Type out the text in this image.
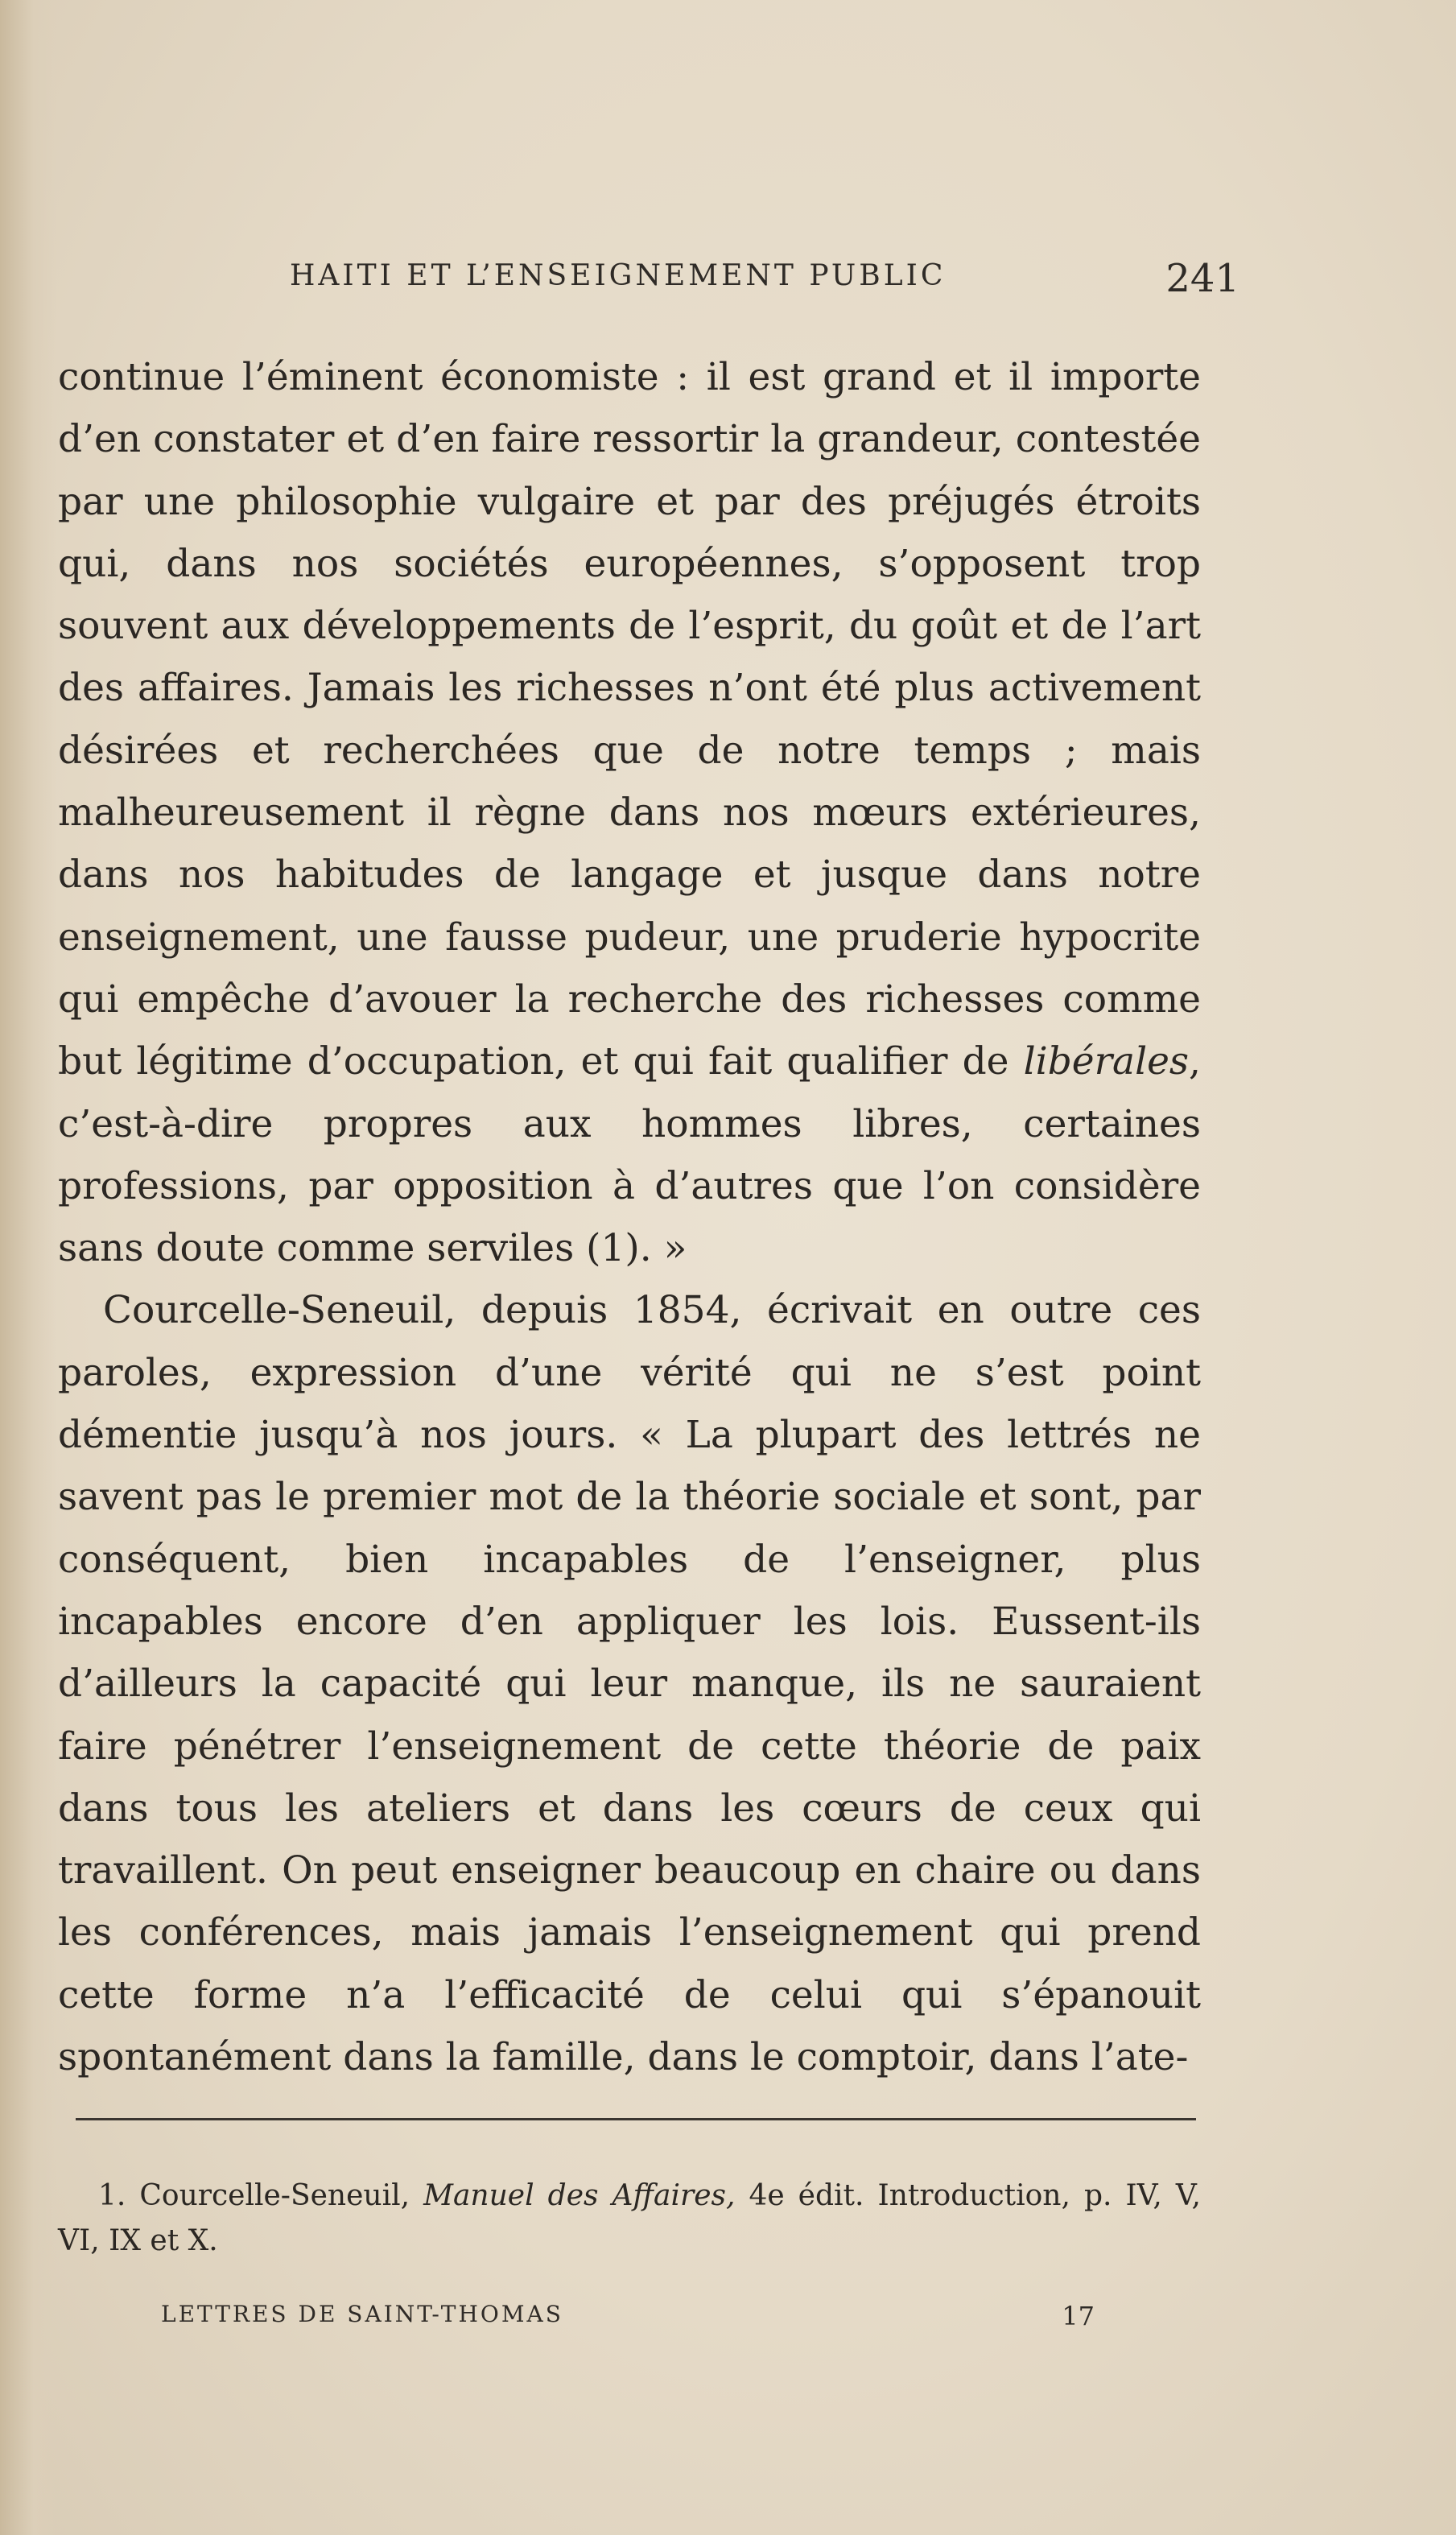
HAITI ET L’ENSEIGNEMENT PUBLIC	241

continue l’éminent économiste : il est grand et il importe d’en constater et d’en faire ressortir la grandeur, contestée par une philosophie vulgaire et par des préjugés étroits qui, dans nos sociétés européennes, s’opposent trop souvent aux développements de l’esprit, du goût et de l’art des affaires. Jamais les richesses n’ont été plus activement désirées et recherchées que de notre temps ; mais malheureusement il règne dans nos mœurs extérieures, dans nos habitudes de langage et jusque dans notre enseignement, une fausse pudeur, une pruderie hypocrite qui empêche d’avouer la recherche des richesses comme but légitime d’occupation, et qui fait qualifier de libérales, c’est-à-dire propres aux hommes libres, certaines professions, par opposition à d’autres que l’on considère sans doute comme serviles (1). »

Courcelle-Seneuil, depuis 1854, écrivait en outre ces paroles, expression d’une vérité qui ne s’est point démentie jusqu’à nos jours. « La plupart des lettrés ne savent pas le premier mot de la théorie sociale et sont, par conséquent, bien incapables de l’enseigner, plus incapables encore d’en appliquer les lois. Eussent-ils d’ailleurs la capacité qui leur manque, ils ne sauraient faire pénétrer l’enseignement de cette théorie de paix dans tous les ateliers et dans les cœurs de ceux qui travaillent. On peut enseigner beaucoup en chaire ou dans les conférences, mais jamais l’enseignement qui prend cette forme n’a l’efficacité de celui qui s’épanouit spontanément dans la famille, dans le comptoir, dans l’ate-

1. Courcelle-Seneuil, Manuel des Affaires, 4e édit. Introduction, p. IV, V, VI, IX et X.

LETTRES DE SAINT-THOMAS	17
